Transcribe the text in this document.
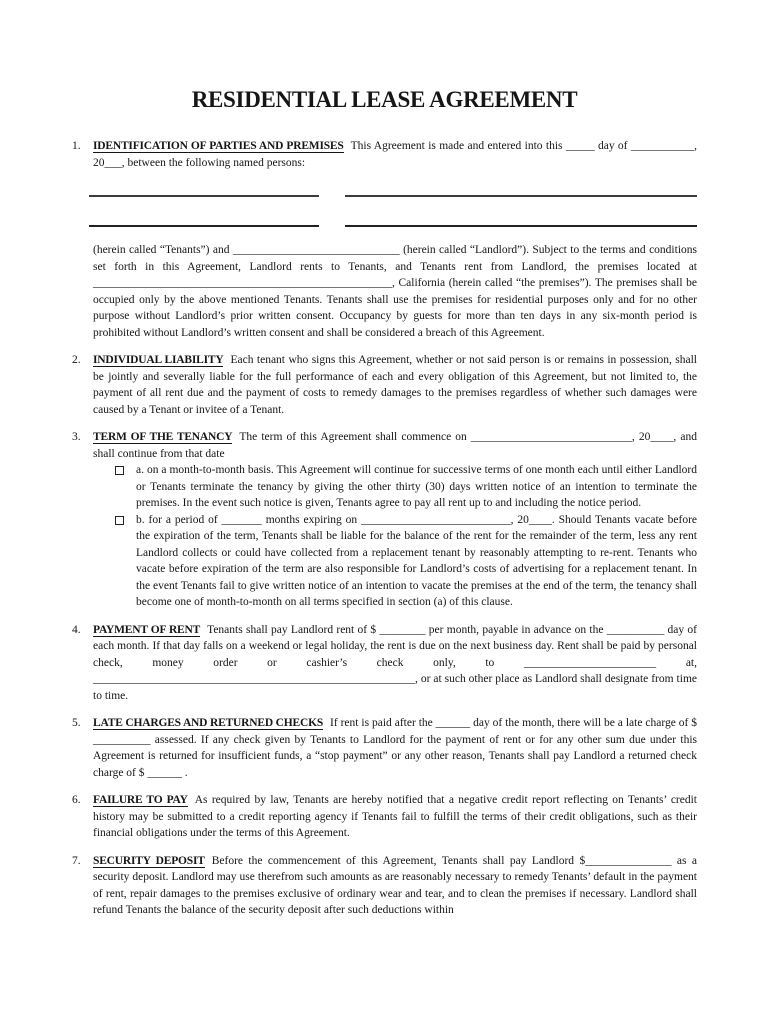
RESIDENTIAL LEASE AGREEMENT
1.	IDENTIFICATION OF PARTIES AND PREMISES This Agreement is made and entered into this _____ day of ___________, 20___, between the following named persons:

(herein called “Tenants”) and _____________________________ (herein called “Landlord”). Subject to the terms and conditions set forth in this Agreement, Landlord rents to Tenants, and Tenants rent from Landlord, the premises located at ____________________________________________________, California (herein called “the premises”). The premises shall be occupied only by the above mentioned Tenants. Tenants shall use the premises for residential purposes only and for no other purpose without Landlord’s prior written consent. Occupancy by guests for more than ten days in any six-month period is prohibited without Landlord’s written consent and shall be considered a breach of this Agreement.

2.	INDIVIDUAL LIABILITY Each tenant who signs this Agreement, whether or not said person is or remains in possession, shall be jointly and severally liable for the full performance of each and every obligation of this Agreement, but not limited to, the payment of all rent due and the payment of costs to remedy damages to the premises regardless of whether such damages were caused by a Tenant or invitee of a Tenant.

3.	TERM OF THE TENANCY The term of this Agreement shall commence on ____________________________, 20____, and shall continue from that date

a. on a month-to-month basis. This Agreement will continue for successive terms of one month each until either Landlord or Tenants terminate the tenancy by giving the other thirty (30) days written notice of an intention to terminate the premises. In the event such notice is given, Tenants agree to pay all rent up to and including the notice period.

b. for a period of _______ months expiring on __________________________, 20____. Should Tenants vacate before the expiration of the term, Tenants shall be liable for the balance of the rent for the remainder of the term, less any rent Landlord collects or could have collected from a replacement tenant by reasonably attempting to re-rent. Tenants who vacate before expiration of the term are also responsible for Landlord’s costs of advertising for a replacement tenant. In the event Tenants fail to give written notice of an intention to vacate the premises at the end of the term, the tenancy shall become one of month-to-month on all terms specified in section (a) of this clause.

4.	PAYMENT OF RENT Tenants shall pay Landlord rent of $ ________ per month, payable in advance on the __________ day of each month. If that day falls on a weekend or legal holiday, the rent is due on the next business day. Rent shall be paid by personal check, money order or cashier’s check only, to _______________________ at, ________________________________________________________, or at such other place as Landlord shall designate from time to time.

5.	LATE CHARGES AND RETURNED CHECKS If rent is paid after the ______ day of the month, there will be a late charge of $ __________ assessed. If any check given by Tenants to Landlord for the payment of rent or for any other sum due under this Agreement is returned for insufficient funds, a “stop payment” or any other reason, Tenants shall pay Landlord a returned check charge of $ ______ .

6.	FAILURE TO PAY As required by law, Tenants are hereby notified that a negative credit report reflecting on Tenants’ credit history may be submitted to a credit reporting agency if Tenants fail to fulfill the terms of their credit obligations, such as their financial obligations under the terms of this Agreement.

7.	SECURITY DEPOSIT Before the commencement of this Agreement, Tenants shall pay Landlord $_______________ as a security deposit. Landlord may use therefrom such amounts as are reasonably necessary to remedy Tenants’ default in the payment of rent, repair damages to the premises exclusive of ordinary wear and tear, and to clean the premises if necessary. Landlord shall refund Tenants the balance of the security deposit after such deductions within
